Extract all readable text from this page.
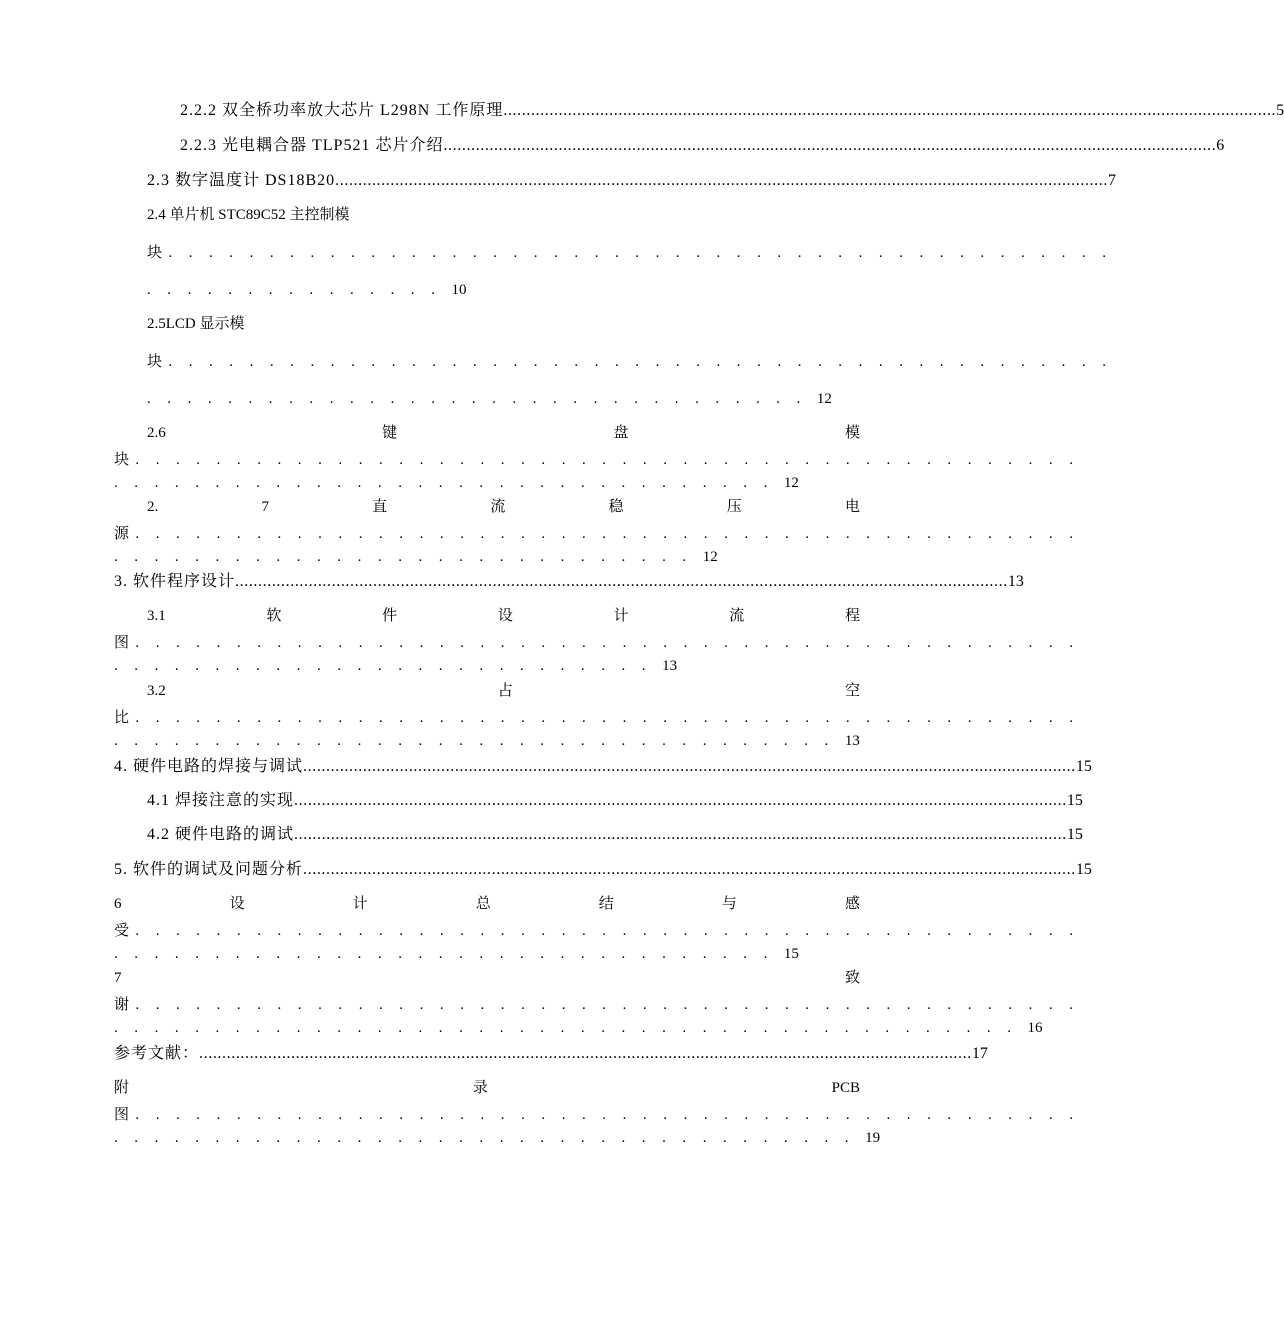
2.2.2 双全桥功率放大芯片 L298N 工作原理 ........................................................................................................................................................................ 5
2.2.3 光电耦合器 TLP521 芯片介绍 ........................................................................................................................................................................ 6
2.3 数字温度计 DS18B20 ........................................................................................................................................................................ 7
2.4 单片机 STC89C52 主控制模
块. . . . . . . . . . . . . . . . . . . . . . . . . . . . . . . . . . . . . . . . . . . . . . .
. . . . . . . . . . . . . . . 10
2.5LCD 显示模
块. . . . . . . . . . . . . . . . . . . . . . . . . . . . . . . . . . . . . . . . . . . . . . .
. . . . . . . . . . . . . . . . . . . . . . . . . . . . . . . . . 12
2.6	键	盘	模
块. . . . . . . . . . . . . . . . . . . . . . . . . . . . . . . . . . . . . . . . . . . . . . .
. . . . . . . . . . . . . . . . . . . . . . . . . . . . . . . . . 12
2.	7	直	流	稳	压	电
源. . . . . . . . . . . . . . . . . . . . . . . . . . . . . . . . . . . . . . . . . . . . . . .
. . . . . . . . . . . . . . . . . . . . . . . . . . . . . 12
3. 软件程序设计 ........................................................................................................................................................................ 13
3.1	软	件	设	计	流	程
图. . . . . . . . . . . . . . . . . . . . . . . . . . . . . . . . . . . . . . . . . . . . . . .
. . . . . . . . . . . . . . . . . . . . . . . . . . . 13
3.2	占	空
比. . . . . . . . . . . . . . . . . . . . . . . . . . . . . . . . . . . . . . . . . . . . . . .
. . . . . . . . . . . . . . . . . . . . . . . . . . . . . . . . . . . . 13
4. 硬件电路的焊接与调试 ........................................................................................................................................................................ 15
4.1 焊接注意的实现 ........................................................................................................................................................................ 15
4.2 硬件电路的调试 ........................................................................................................................................................................ 15
5. 软件的调试及问题分析 ........................................................................................................................................................................ 15
6	设	计	总	结	与	感
受. . . . . . . . . . . . . . . . . . . . . . . . . . . . . . . . . . . . . . . . . . . . . . .
. . . . . . . . . . . . . . . . . . . . . . . . . . . . . . . . . 15
7	致
谢. . . . . . . . . . . . . . . . . . . . . . . . . . . . . . . . . . . . . . . . . . . . . . .
. . . . . . . . . . . . . . . . . . . . . . . . . . . . . . . . . . . . . . . . . . . . . 16
参考文献： ........................................................................................................................................................................ 17
附	录	PCB
图. . . . . . . . . . . . . . . . . . . . . . . . . . . . . . . . . . . . . . . . . . . . . . .
. . . . . . . . . . . . . . . . . . . . . . . . . . . . . . . . . . . . . 19
